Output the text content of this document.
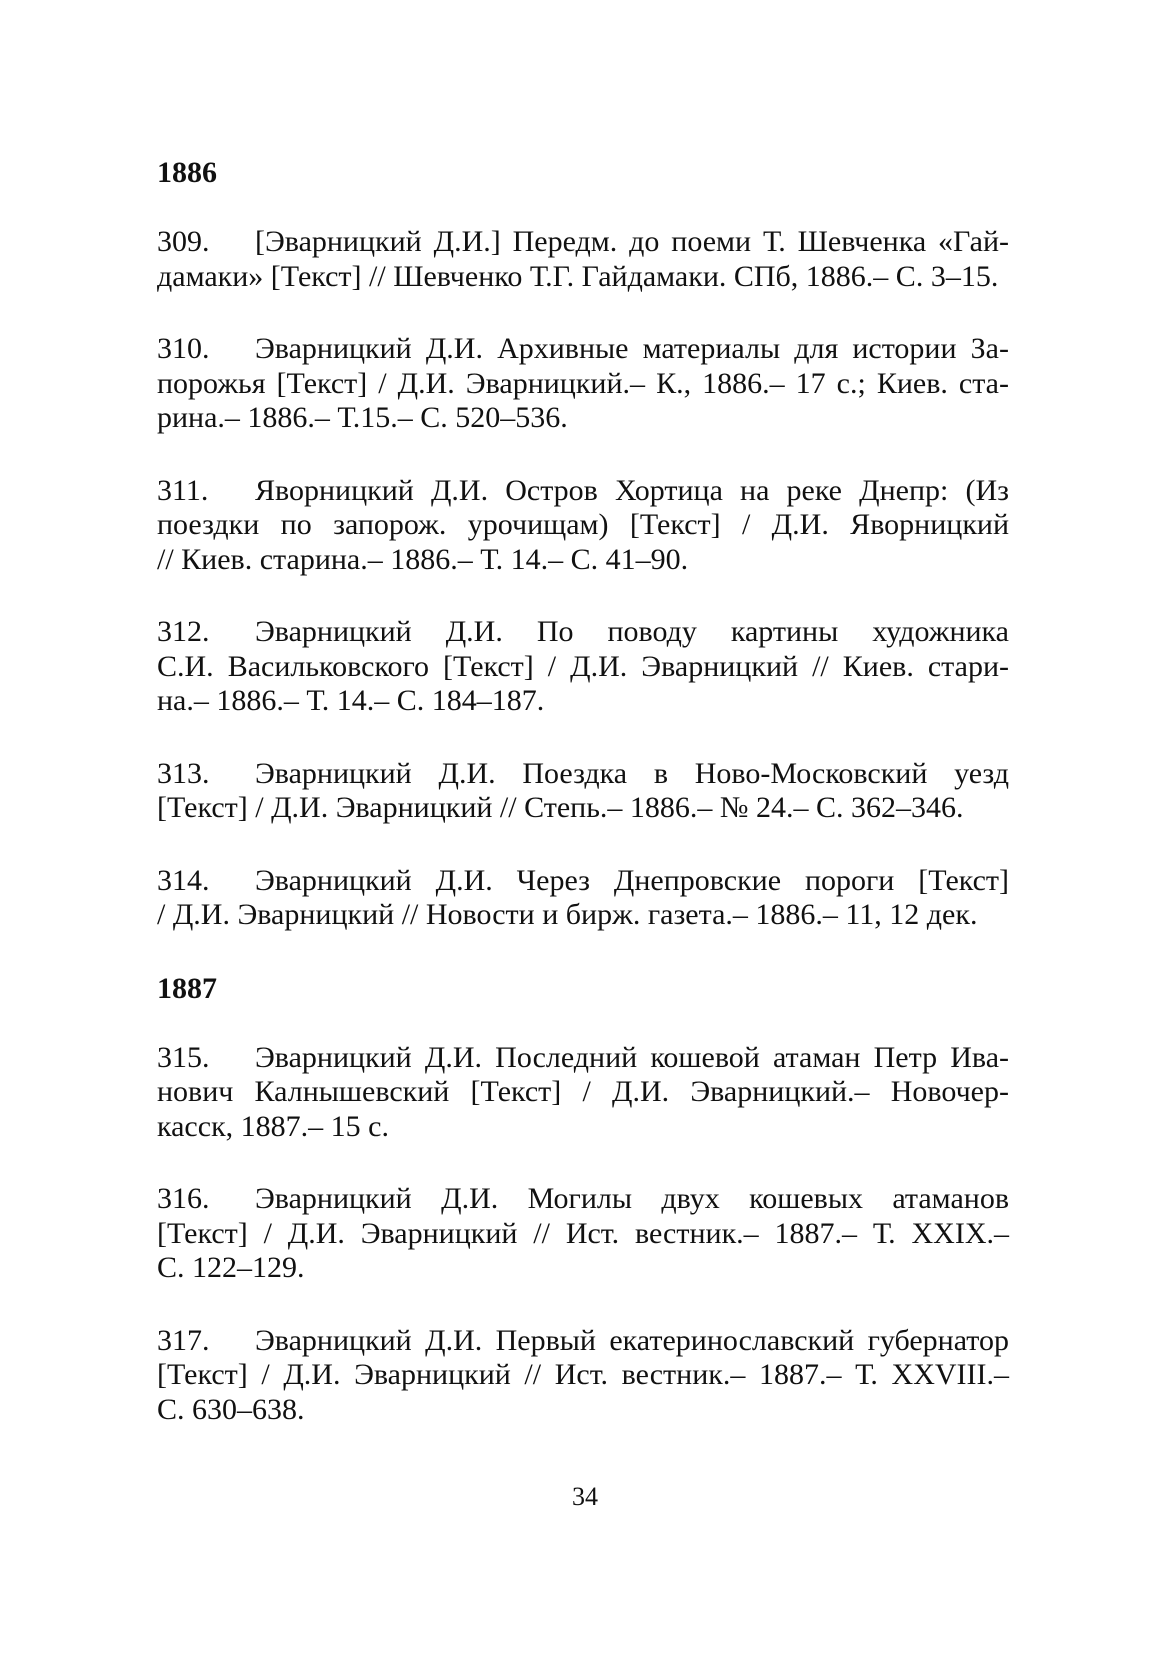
1886
309. [Эварницкий Д.И.] Передм. до поеми Т. Шевченка «Гай-
дамаки» [Текст] // Шевченко Т.Г. Гайдамаки. СПб, 1886.– С. 3–15.
310. Эварницкий Д.И. Архивные материалы для истории За-
порожья [Текст] / Д.И. Эварницкий.– К., 1886.– 17 с.; Киев. ста-
рина.– 1886.– Т.15.– С. 520–536.
311. Яворницкий Д.И. Остров Хортица на реке Днепр: (Из
поездки по запорож. урочищам) [Текст] / Д.И. Яворницкий
// Киев. старина.– 1886.– Т. 14.– С. 41–90.
312. Эварницкий Д.И. По поводу картины художника
С.И. Васильковского [Текст] / Д.И. Эварницкий // Киев. стари-
на.– 1886.– Т. 14.– С. 184–187.
313. Эварницкий Д.И. Поездка в Ново-Московский уезд
[Текст] / Д.И. Эварницкий // Степь.– 1886.– № 24.– С. 362–346.
314. Эварницкий Д.И. Через Днепровские пороги [Текст]
/ Д.И. Эварницкий // Новости и бирж. газета.– 1886.– 11, 12 дек.
1887
315. Эварницкий Д.И. Последний кошевой атаман Петр Ива-
нович Калнышевский [Текст] / Д.И. Эварницкий.– Новочер-
касск, 1887.– 15 с.
316. Эварницкий Д.И. Могилы двух кошевых атаманов
[Текст] / Д.И. Эварницкий // Ист. вестник.– 1887.– Т. XXIX.–
С. 122–129.
317. Эварницкий Д.И. Первый екатеринославский губернатор
[Текст] / Д.И. Эварницкий // Ист. вестник.– 1887.– Т. XXVIII.–
С. 630–638.
34
